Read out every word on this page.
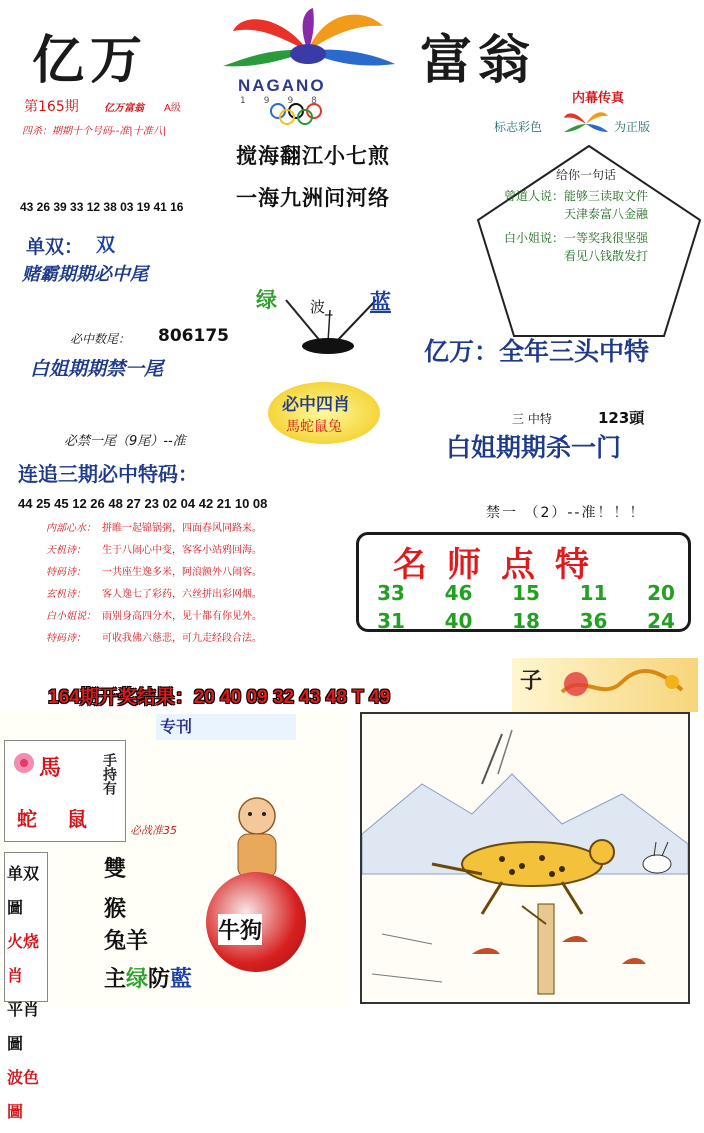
亿万	富翁
NAGANO
1998
第165期	亿万富翁 A级
四杀：期期十个号码--准|十准八|
搅海翻江小七煎
一海九洲问河络
内幕传真
标志彩色	为正版
给你一句话
曾道人说：能够三读取文件
天津泰富八金融
白小姐说：一等奖我很坚强
看见八钱散发打
43 26 39 33 12 38 03 19 41 16
单双： 双
赌霸期期必中尾
绿 波_ 蓝
必中数尾： 806175
白姐期期禁一尾
亿万：全年三头中特
必中四肖
馬蛇鼠兔	三 中特	123頭
白姐期期杀一门
必禁一尾（9尾）--准
连追三期必中特码：
44 25 45 12 26 48 27 23 02 04 42 21 10 08
禁一 （2）--准！！！
名师点特
33	46	15	11	20
31	40	18	36	24
内部心水： 拼睢一起锦锅粥，四面春风同路来。
天机诗： 生于八闹心中变，客客小站鸦回海。
特码诗： 一共座生逸多米，阿浪额外八闹客。
玄机诗： 客人逸七了彩药，六丝拼出彩网烟。
白小姐说： 雨别身高四分木，见十都有你见外。
特码诗： 可收我佛六慈悲，可九走经段合法。
164期开奖结果：20 40 09 32 43 48 T 49
子
专刊
馬
蛇 鼠
手持有
必战准35
单双圖
火烧肖
平肖圖
波色圖
雙
猴
兔羊	牛狗
主绿防藍
